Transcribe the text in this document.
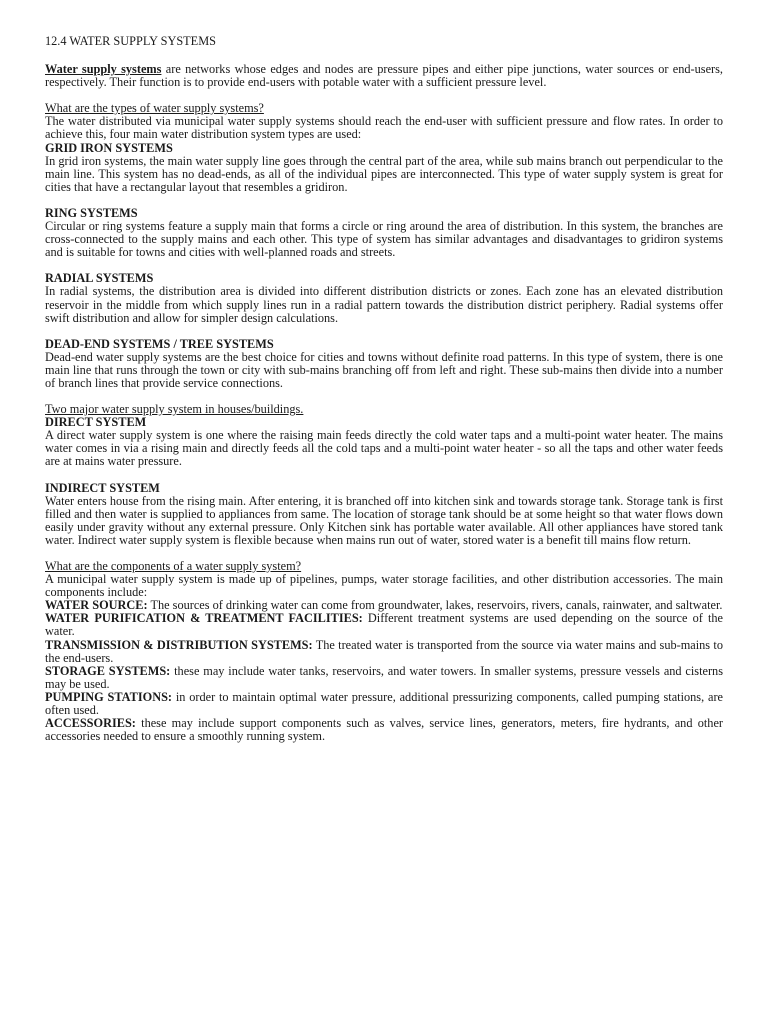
12.4 WATER SUPPLY SYSTEMS

Water supply systems are networks whose edges and nodes are pressure pipes and either pipe junctions, water sources or end-users, respectively. Their function is to provide end-users with potable water with a sufficient pressure level.

What are the types of water supply systems?

The water distributed via municipal water supply systems should reach the end-user with sufficient pressure and flow rates. In order to achieve this, four main water distribution system types are used:

GRID IRON SYSTEMS

In grid iron systems, the main water supply line goes through the central part of the area, while sub mains branch out perpendicular to the main line. This system has no dead-ends, as all of the individual pipes are interconnected. This type of water supply system is great for cities that have a rectangular layout that resembles a gridiron.

RING SYSTEMS

Circular or ring systems feature a supply main that forms a circle or ring around the area of distribution. In this system, the branches are cross-connected to the supply mains and each other. This type of system has similar advantages and disadvantages to gridiron systems and is suitable for towns and cities with well-planned roads and streets.

RADIAL SYSTEMS

In radial systems, the distribution area is divided into different distribution districts or zones. Each zone has an elevated distribution reservoir in the middle from which supply lines run in a radial pattern towards the distribution district periphery. Radial systems offer swift distribution and allow for simpler design calculations.

DEAD-END SYSTEMS / TREE SYSTEMS

Dead-end water supply systems are the best choice for cities and towns without definite road patterns. In this type of system, there is one main line that runs through the town or city with sub-mains branching off from left and right. These sub-mains then divide into a number of branch lines that provide service connections.

Two major water supply system in houses/buildings.

DIRECT SYSTEM

A direct water supply system is one where the raising main feeds directly the cold water taps and a multi-point water heater. The mains water comes in via a rising main and directly feeds all the cold taps and a multi-point water heater - so all the taps and other water feeds are at mains water pressure.

INDIRECT SYSTEM

Water enters house from the rising main. After entering, it is branched off into kitchen sink and towards storage tank. Storage tank is first filled and then water is supplied to appliances from same. The location of storage tank should be at some height so that water flows down easily under gravity without any external pressure. Only Kitchen sink has portable water available. All other appliances have stored tank water. Indirect water supply system is flexible because when mains run out of water, stored water is a benefit till mains flow return.

What are the components of a water supply system?

A municipal water supply system is made up of pipelines, pumps, water storage facilities, and other distribution accessories. The main components include:

WATER SOURCE: The sources of drinking water can come from groundwater, lakes, reservoirs, rivers, canals, rainwater, and saltwater.

WATER PURIFICATION & TREATMENT FACILITIES: Different treatment systems are used depending on the source of the water.

TRANSMISSION & DISTRIBUTION SYSTEMS: The treated water is transported from the source via water mains and sub-mains to the end-users.

STORAGE SYSTEMS: these may include water tanks, reservoirs, and water towers. In smaller systems, pressure vessels and cisterns may be used.

PUMPING STATIONS: in order to maintain optimal water pressure, additional pressurizing components, called pumping stations, are often used.

ACCESSORIES: these may include support components such as valves, service lines, generators, meters, fire hydrants, and other accessories needed to ensure a smoothly running system.
